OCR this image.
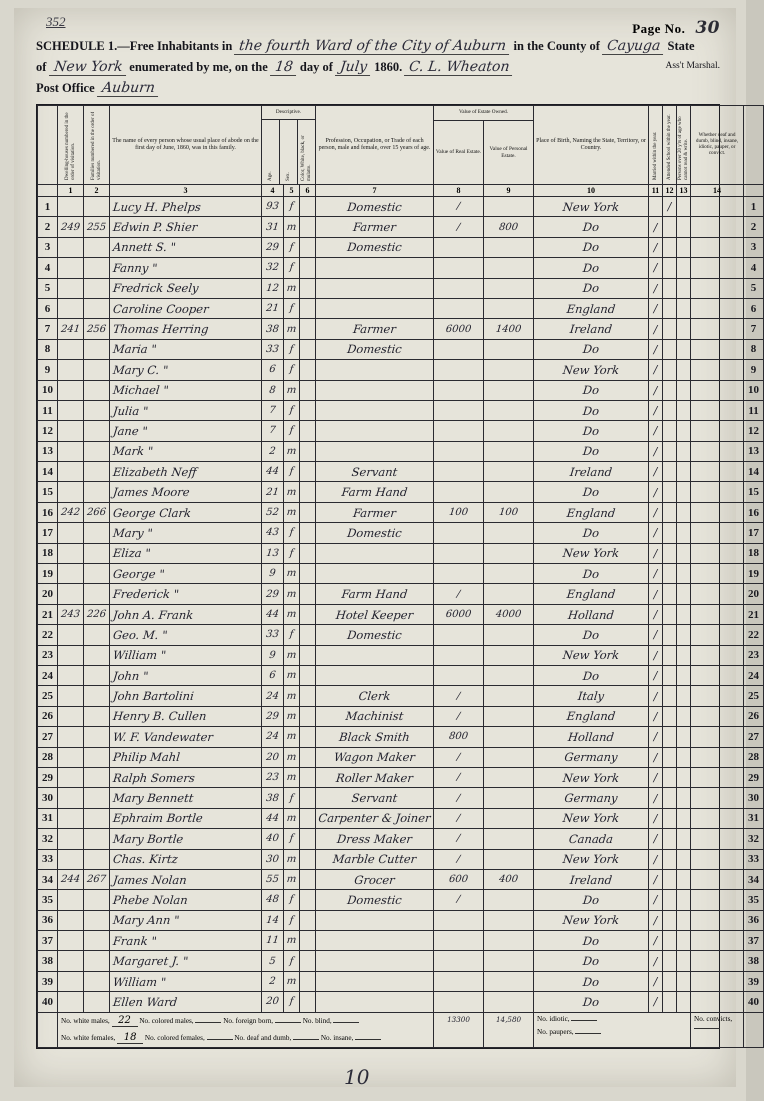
352	Page No. 30
SCHEDULE 1.—Free Inhabitants in the fourth Ward of the City of Auburn in the County of Cayuga State
of New York enumerated by me, on the 18 day of July 1860. C. L. Wheaton	Ass't Marshal.
Post Office Auburn

Dwelling-houses numbered in the order of visitation.	Families numbered in the order of visitation.
	The name of every person whose usual place of abode on the first day of June, 1860, was in this family.	
Descriptive.

Age.	Sex.	Color, White, black, or mulatto.
	Profession, Occupation, or Trade of each person, male and female, over 15 years of age.	
Value of Estate Owned.
Value of Real Estate.	Value of Personal Estate.
	Place of Birth, Naming the State, Territory, or Country.	Married within the year.	Attended School within the year.	Persons over 20 y'rs of age who cannot read & write.
	Whether deaf and dumb, blind, insane, idiotic, pauper, or convict.	
	1	2	3	4	5	6	7	8	9	10	11	12	13	14	
1			Lucy H. Phelps	93	f		Domestic	/		New York		/			1
2	249	255	Edwin P. Shier	31	m		Farmer	/	800	Do	/				2
3			Annett S. "	29	f		Domestic			Do	/				3
4			Fanny "	32	f					Do	/				4
5			Fredrick Seely	12	m					Do	/				5
6			Caroline Cooper	21	f					England	/				6
7	241	256	Thomas Herring	38	m		Farmer	6000	1400	Ireland	/				7
8			Maria "	33	f		Domestic			Do	/				8
9			Mary C. "	6	f					New York	/				9
10			Michael "	8	m					Do	/				10
11			Julia "	7	f					Do	/				11
12			Jane "	7	f					Do	/				12
13			Mark "	2	m					Do	/				13
14			Elizabeth Neff	44	f		Servant			Ireland	/				14
15			James Moore	21	m		Farm Hand			Do	/				15
16	242	266	George Clark	52	m		Farmer	100	100	England	/				16
17			Mary "	43	f		Domestic			Do	/				17
18			Eliza "	13	f					New York	/				18
19			George "	9	m					Do	/				19
20			Frederick "	29	m		Farm Hand	/		England	/				20
21	243	226	John A. Frank	44	m		Hotel Keeper	6000	4000	Holland	/				21
22			Geo. M. "	33	f		Domestic			Do	/				22
23			William "	9	m					New York	/				23
24			John "	6	m					Do	/				24
25			John Bartolini	24	m		Clerk	/		Italy	/				25
26			Henry B. Cullen	29	m		Machinist	/		England	/				26
27			W. F. Vandewater	24	m		Black Smith	800		Holland	/				27
28			Philip Mahl	20	m		Wagon Maker	/		Germany	/				28
29			Ralph Somers	23	m		Roller Maker	/		New York	/				29
30			Mary Bennett	38	f		Servant	/		Germany	/				30
31			Ephraim Bortle	44	m		Carpenter & Joiner	/		New York	/				31
32			Mary Bortle	40	f		Dress Maker	/		Canada	/				32
33			Chas. Kirtz	30	m		Marble Cutter	/		New York	/				33
34	244	267	James Nolan	55	m		Grocer	600	400	Ireland	/				34
35			Phebe Nolan	48	f		Domestic	/		Do	/				35
36			Mary Ann "	14	f					New York	/				36
37			Frank "	11	m					Do	/				37
38			Margaret J. "	5	f					Do	/				38
39			William "	2	m					Do	/				39
40			Ellen Ward	20	f					Do	/				40

No. white males, 22 No. colored males,	No. foreign born,	No. blind,
No. white females, 18 No. colored females,	No. deaf and dumb,	No. insane,
	13300	14,580	No. idiotic,
No. paupers,
	No. convicts,	
10
